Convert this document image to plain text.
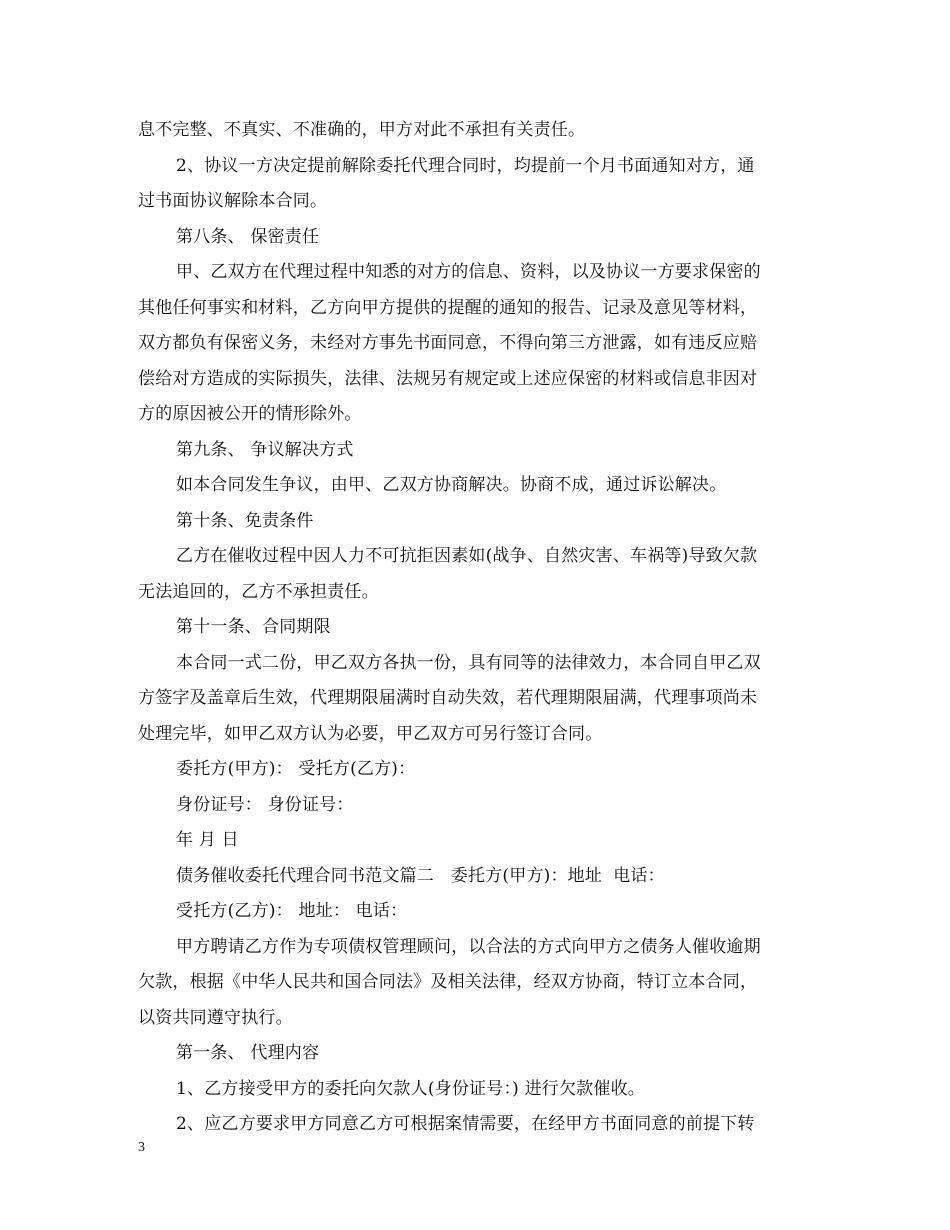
息不完整、不真实、不准确的，甲方对此不承担有关责任。
2、协议一方决定提前解除委托代理合同时，均提前一个月书面通知对方，通
过书面协议解除本合同。
第八条、 保密责任
甲、乙双方在代理过程中知悉的对方的信息、资料，以及协议一方要求保密的
其他任何事实和材料，乙方向甲方提供的提醒的通知的报告、记录及意见等材料，
双方都负有保密义务，未经对方事先书面同意，不得向第三方泄露，如有违反应赔
偿给对方造成的实际损失，法律、法规另有规定或上述应保密的材料或信息非因对
方的原因被公开的情形除外。
第九条、 争议解决方式
如本合同发生争议，由甲、乙双方协商解决。协商不成，通过诉讼解决。
第十条、免责条件
乙方在催收过程中因人力不可抗拒因素如(战争、自然灾害、车祸等)导致欠款
无法追回的，乙方不承担责任。
第十一条、合同期限
本合同一式二份，甲乙双方各执一份，具有同等的法律效力，本合同自甲乙双
方签字及盖章后生效，代理期限届满时自动失效，若代理期限届满，代理事项尚未
处理完毕，如甲乙双方认为必要，甲乙双方可另行签订合同。
委托方(甲方)： 受托方(乙方)：
身份证号： 身份证号：
年 月 日
债务催收委托代理合同书范文篇二   委托方(甲方)：地址  电话：
受托方(乙方)： 地址： 电话：
甲方聘请乙方作为专项债权管理顾问，以合法的方式向甲方之债务人催收逾期
欠款，根据《中华人民共和国合同法》及相关法律，经双方协商，特订立本合同，
以资共同遵守执行。
第一条、 代理内容
1、乙方接受甲方的委托向欠款人(身份证号：) 进行欠款催收。
2、应乙方要求甲方同意乙方可根据案情需要，在经甲方书面同意的前提下转
3
